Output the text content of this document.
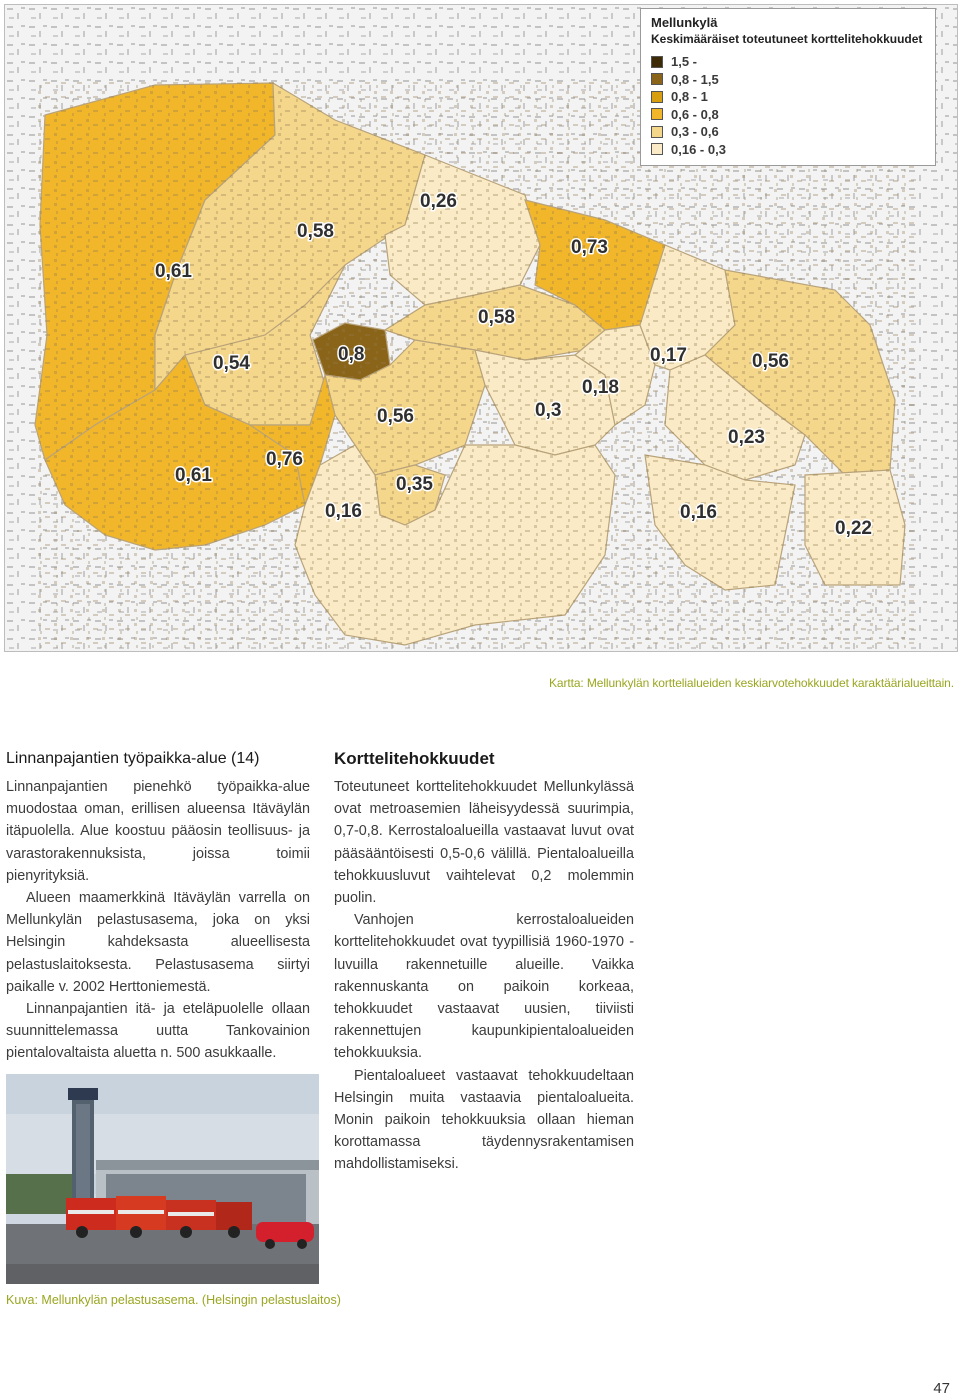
0,61
0,58
0,26
0,73
0,54	0,8
0,58
0,17	0,56
0,18
0,3
0,56
0,23
0,61
0,76
0,35
0,16	0,16
0,22
Mellunkylä
Keskimääräiset toteutuneet korttelitehokkuudet
1,5 -
0,8 - 1,5
0,8 - 1
0,6 - 0,8
0,3 - 0,6
0,16 - 0,3
Kartta: Mellunkylän korttelialueiden keskiarvotehokkuudet karaktäärialueittain.
Linnanpajantien työpaikka-alue (14)

Linnanpajantien pienehkö työpaikka-alue muodostaa oman, erillisen alueensa Itäväylän itäpuolella. Alue koostuu pääosin teollisuus- ja varastorakennuksista, joissa toimii pienyrityksiä.

Alueen maamerkkinä Itäväylän varrella on Mellunkylän pelastusasema, joka on yksi Helsingin kahdeksasta alueellisesta pelastuslaitoksesta. Pelastusasema siirtyi paikalle v. 2002 Herttoniemestä.

Linnanpajantien itä- ja eteläpuolelle ollaan suunnittelemassa uutta Tankovainion pientalovaltaista aluetta n. 500 asukkaalle.

Korttelitehokkuudet

Toteutuneet korttelitehokkuudet Mellunkylässä ovat metroasemien läheisyydessä suurimpia, 0,7-0,8. Kerrostaloalueilla vastaavat luvut ovat pääsääntöisesti 0,5-0,6 välillä. Pientaloalueilla tehokkuusluvut vaihtelevat 0,2 molemmin puolin.

Vanhojen kerrostaloalueiden korttelitehokkuudet ovat tyypillisiä 1960-1970 -luvuilla rakennetuille alueille. Vaikka rakennuskanta on paikoin korkeaa, tehokkuudet vastaavat uusien, tiiviisti rakennettujen kaupunkipientaloalueiden tehokkuuksia.

Pientaloalueet vastaavat tehokkuudeltaan Helsingin muita vastaavia pientaloalueita. Monin paikoin tehokkuuksia ollaan hieman korottamassa täydennysrakentamisen mahdollistamiseksi.

Kuva: Mellunkylän pelastusasema. (Helsingin pelastuslaitos)
47
